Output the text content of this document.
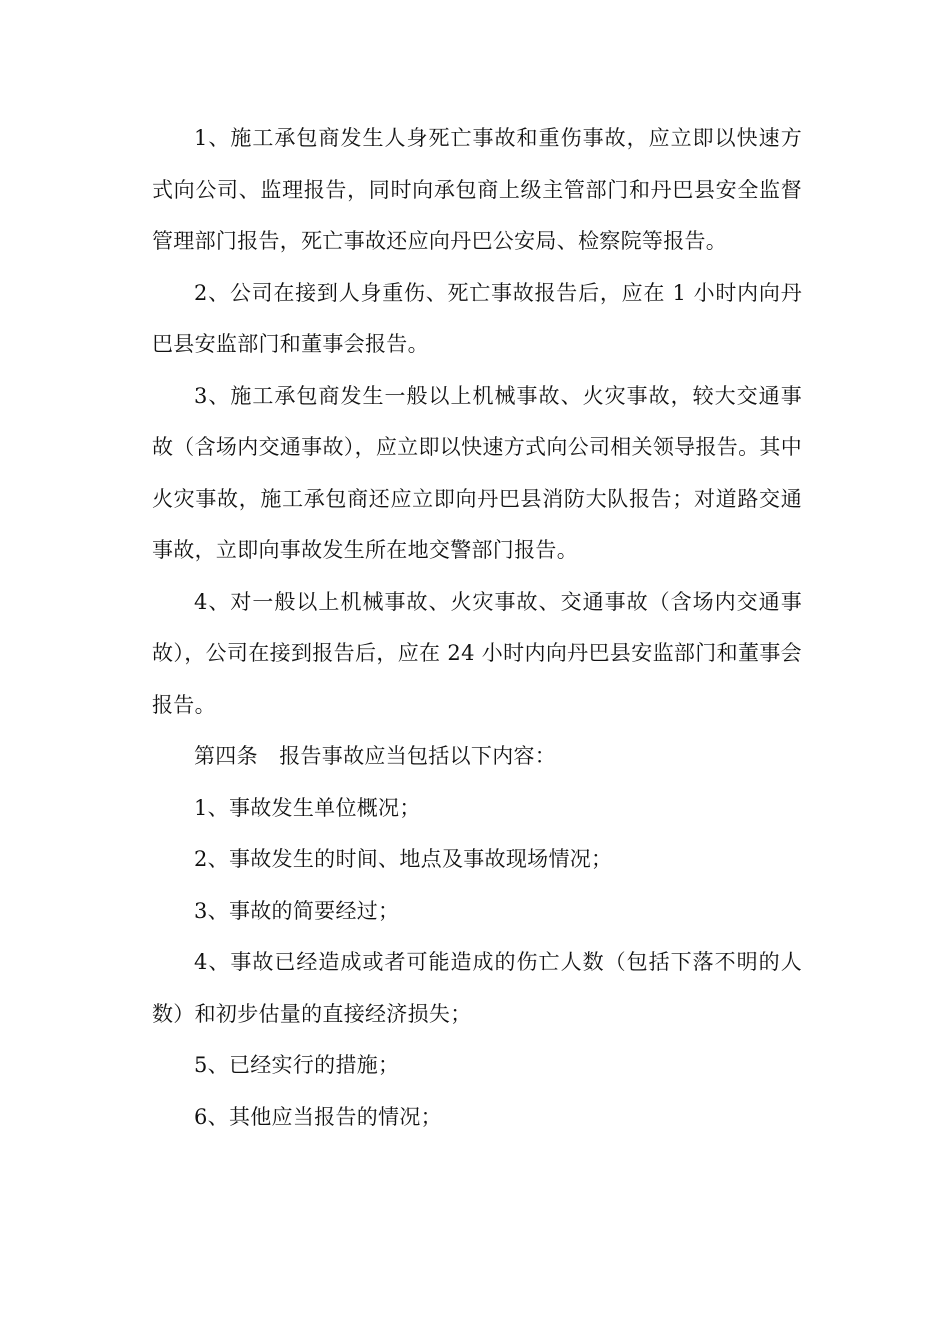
1、施工承包商发生人身死亡事故和重伤事故，应立即以快速方式向公司、监理报告，同时向承包商上级主管部门和丹巴县安全监督管理部门报告，死亡事故还应向丹巴公安局、检察院等报告。

2、公司在接到人身重伤、死亡事故报告后，应在 1 小时内向丹巴县安监部门和董事会报告。

3、施工承包商发生一般以上机械事故、火灾事故，较大交通事故（含场内交通事故），应立即以快速方式向公司相关领导报告。其中火灾事故，施工承包商还应立即向丹巴县消防大队报告；对道路交通事故，立即向事故发生所在地交警部门报告。

4、对一般以上机械事故、火灾事故、交通事故（含场内交通事故），公司在接到报告后，应在 24 小时内向丹巴县安监部门和董事会报告。

第四条　报告事故应当包括以下内容：

1、事故发生单位概况；

2、事故发生的时间、地点及事故现场情况；

3、事故的简要经过；

4、事故已经造成或者可能造成的伤亡人数（包括下落不明的人数）和初步估量的直接经济损失；

5、已经实行的措施；

6、其他应当报告的情况；
